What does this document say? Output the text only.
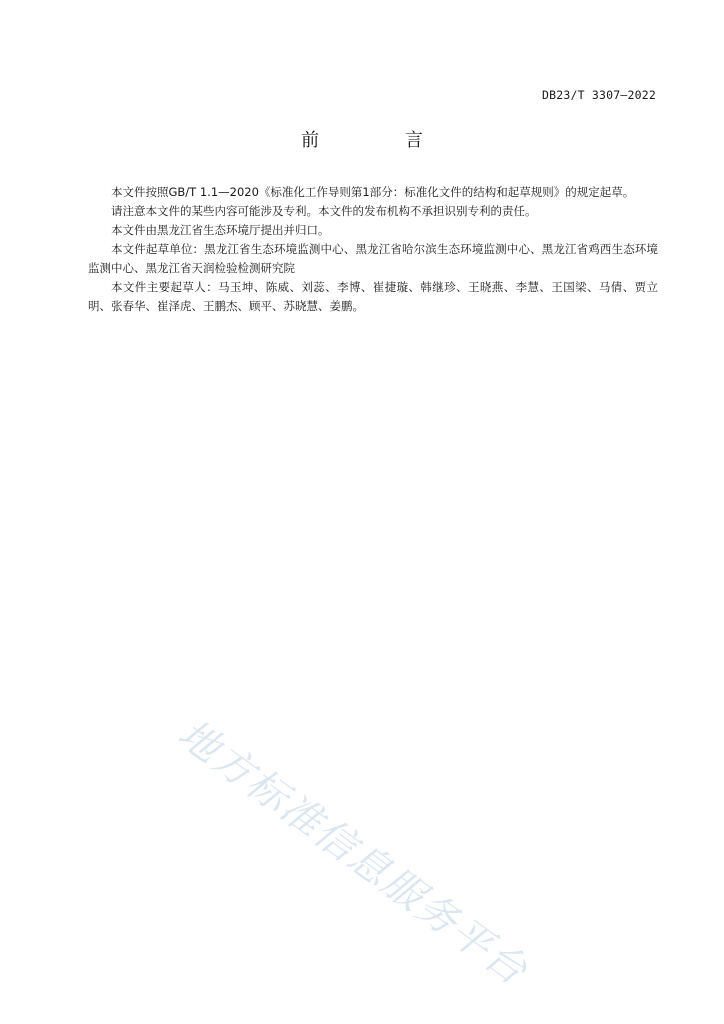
DB23/T 3307—2022
前 言

本文件按照GB/T 1.1—2020《标准化工作导则第1部分：标准化文件的结构和起草规则》的规定起草。

请注意本文件的某些内容可能涉及专利。本文件的发布机构不承担识别专利的责任。

本文件由黑龙江省生态环境厅提出并归口。

本文件起草单位：黑龙江省生态环境监测中心、黑龙江省哈尔滨生态环境监测中心、黑龙江省鸡西生态环境监测中心、黑龙江省天润检验检测研究院

本文件主要起草人：马玉坤、陈威、刘蕊、李博、崔捷璇、韩继珍、王晓燕、李慧、王国梁、马倩、贾立明、张春华、崔泽虎、王鹏杰、顾平、苏晓慧、姜鹏。

地方标准信息服务平台
